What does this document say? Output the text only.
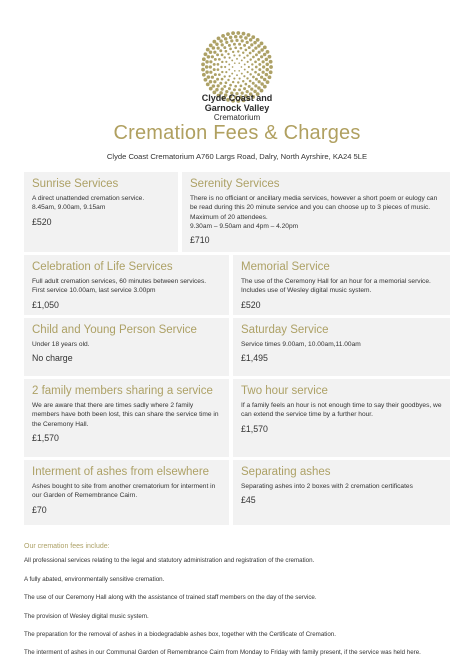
Clyde Coast and
Garnock Valley
Crematorium
Cremation Fees & Charges
Clyde Coast Crematorium A760 Largs Road, Dalry, North Ayrshire, KA24 5LE
Sunrise Services
A direct unattended cremation service.
8.45am, 9.00am, 9.15am
£520
Serenity Services
There is no officiant or ancillary media services, however a short poem or eulogy can be read during this 20 minute service and you can choose up to 3 pieces of music. Maximum of 20 attendees.
9.30am – 9.50am and 4pm – 4.20pm
£710
Celebration of Life Services
Full adult cremation services, 60 minutes between services.
First service 10.00am, last service 3.00pm
£1,050
Memorial Service
The use of the Ceremony Hall for an hour for a memorial service. Includes use of Wesley digital music system.
£520
Child and Young Person Service
Under 18 years old.
No charge
Saturday Service
Service times 9.00am, 10.00am,11.00am
£1,495
2 family members sharing a service
We are aware that there are times sadly where 2 family members have both been lost, this can share the service time in the Ceremony Hall.
£1,570
Two hour service
If a family feels an hour is not enough time to say their goodbyes, we can extend the service time by a further hour.
£1,570
Interment of ashes from elsewhere
Ashes bought to site from another crematorium for interment in our Garden of Remembrance Cairn.
£70
Separating ashes
Separating ashes into 2 boxes with 2 cremation certificates
£45
Our cremation fees include:

All professional services relating to the legal and statutory administration and registration of the cremation.

A fully abated, environmentally sensitive cremation.

The use of our Ceremony Hall along with the assistance of trained staff members on the day of the service.

The provision of Wesley digital music system.

The preparation for the removal of ashes in a biodegradable ashes box, together with the Certificate of Cremation.

The interment of ashes in our Communal Garden of Remembrance Cairn from Monday to Friday with family present, if the service was held here.
